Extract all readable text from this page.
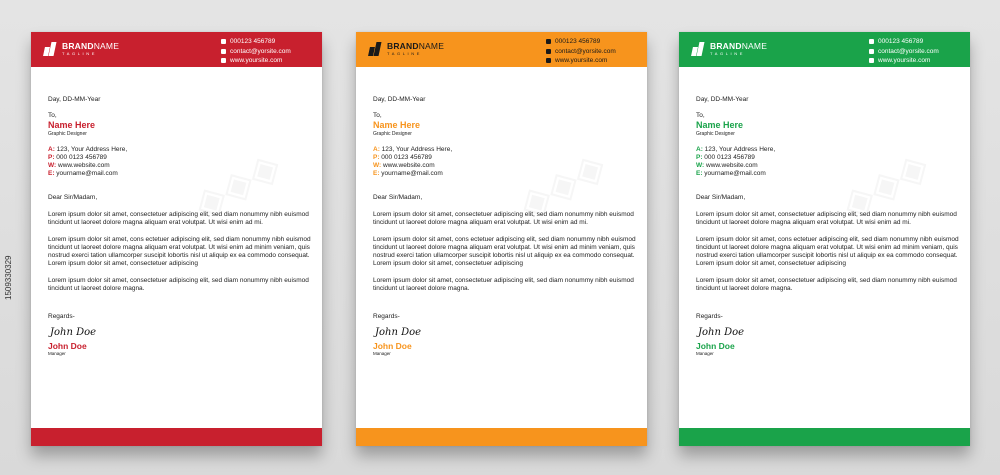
1509330329
BRANDNAME
TAGLINE
000123 456789
contact@yorsite.com
www.yoursite.com
Day, DD-MM-Year
To,
Name Here
Graphic Designer
A: 123, Your Address Here,
P: 000 0123 456789
W: www.website.com
E: yourname@mail.com
Dear Sir/Madam,
Lorem ipsum dolor sit amet, consectetuer adipiscing elit, sed diam nonummy nibh euismod tincidunt ut laoreet dolore magna aliquam erat volutpat. Ut wisi enim ad mi.
Lorem ipsum dolor sit amet, cons ectetuer adipiscing elit, sed diam nonummy nibh euismod tincidunt ut laoreet dolore magna aliquam erat volutpat. Ut wisi enim ad minim veniam, quis nostrud exerci tation ullamcorper suscipit lobortis nisl ut aliquip ex ea commodo consequat. Lorem ipsum dolor sit amet, consectetuer adipiscing
Lorem ipsum dolor sit amet, consectetuer adipiscing elit, sed diam nonummy nibh euismod tincidunt ut laoreet dolore magna.
Regards-
John Doe
John Doe
Manager
BRANDNAME
TAGLINE
000123 456789
contact@yorsite.com
www.yoursite.com
Day, DD-MM-Year
To,
Name Here
Graphic Designer
A: 123, Your Address Here,
P: 000 0123 456789
W: www.website.com
E: yourname@mail.com
Dear Sir/Madam,
Lorem ipsum dolor sit amet, consectetuer adipiscing elit, sed diam nonummy nibh euismod tincidunt ut laoreet dolore magna aliquam erat volutpat. Ut wisi enim ad mi.
Lorem ipsum dolor sit amet, cons ectetuer adipiscing elit, sed diam nonummy nibh euismod tincidunt ut laoreet dolore magna aliquam erat volutpat. Ut wisi enim ad minim veniam, quis nostrud exerci tation ullamcorper suscipit lobortis nisl ut aliquip ex ea commodo consequat. Lorem ipsum dolor sit amet, consectetuer adipiscing
Lorem ipsum dolor sit amet, consectetuer adipiscing elit, sed diam nonummy nibh euismod tincidunt ut laoreet dolore magna.
Regards-
John Doe
John Doe
Manager
BRANDNAME
TAGLINE
000123 456789
contact@yorsite.com
www.yoursite.com
Day, DD-MM-Year
To,
Name Here
Graphic Designer
A: 123, Your Address Here,
P: 000 0123 456789
W: www.website.com
E: yourname@mail.com
Dear Sir/Madam,
Lorem ipsum dolor sit amet, consectetuer adipiscing elit, sed diam nonummy nibh euismod tincidunt ut laoreet dolore magna aliquam erat volutpat. Ut wisi enim ad mi.
Lorem ipsum dolor sit amet, cons ectetuer adipiscing elit, sed diam nonummy nibh euismod tincidunt ut laoreet dolore magna aliquam erat volutpat. Ut wisi enim ad minim veniam, quis nostrud exerci tation ullamcorper suscipit lobortis nisl ut aliquip ex ea commodo consequat. Lorem ipsum dolor sit amet, consectetuer adipiscing
Lorem ipsum dolor sit amet, consectetuer adipiscing elit, sed diam nonummy nibh euismod tincidunt ut laoreet dolore magna.
Regards-
John Doe
John Doe
Manager
